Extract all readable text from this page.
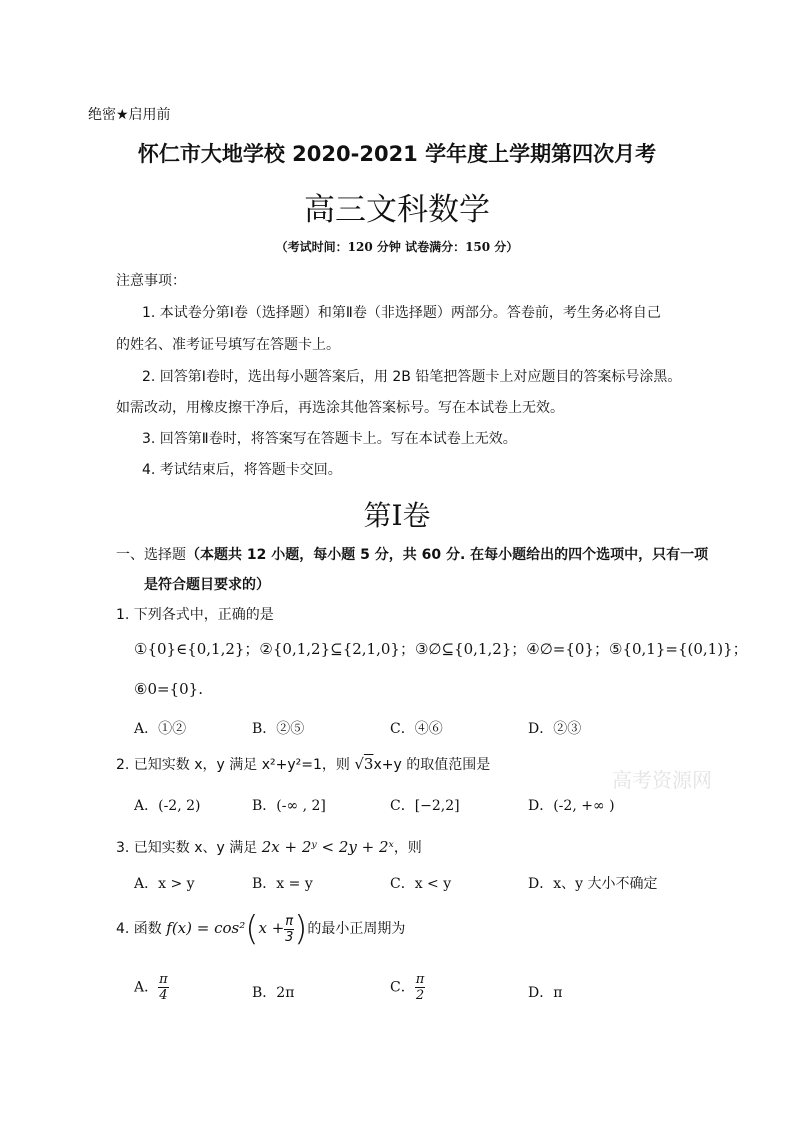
绝密★启用前
怀仁市大地学校 2020-2021 学年度上学期第四次月考
高三文科数学
（考试时间：120 分钟 试卷满分：150 分）
注意事项：
1. 本试卷分第Ⅰ卷（选择题）和第Ⅱ卷（非选择题）两部分。答卷前，考生务必将自己
的姓名、准考证号填写在答题卡上。
2. 回答第Ⅰ卷时，选出每小题答案后，用 2B 铅笔把答题卡上对应题目的答案标号涂黑。
如需改动，用橡皮擦干净后，再选涂其他答案标号。写在本试卷上无效。
3. 回答第Ⅱ卷时，将答案写在答题卡上。写在本试卷上无效。
4. 考试结束后，将答题卡交回。
第Ⅰ卷
一、选择题（本题共 12 小题，每小题 5 分，共 60 分. 在每小题给出的四个选项中，只有一项
是符合题目要求的）
1. 下列各式中，正确的是
①{0}∈{0,1,2}；②{0,1,2}⊆{2,1,0}；③∅⊆{0,1,2}；④∅={0}；⑤{0,1}={(0,1)}；
⑥0={0}.
A．①②	B．②⑤	C．④⑥	D．②③
2. 已知实数 x，y 满足 x²+y²=1，则 √3x+y 的取值范围是
A．(-2, 2)	B．(-∞ , 2]	C．[−2,2]	D．(-2, +∞ )
高考资源网
3. 已知实数 x、y 满足 2x + 2ʸ < 2y + 2ˣ，则
A．x > y	B．x = y	C．x < y	D．x、y 大小不确定
4. 函数 $f(x) = \cos^2(x + \frac{\pi}{3}$ )的最小正周期为
A． $\frac{\pi}{4}$	B．2π	C． $\frac{\pi}{2}$	D．π
